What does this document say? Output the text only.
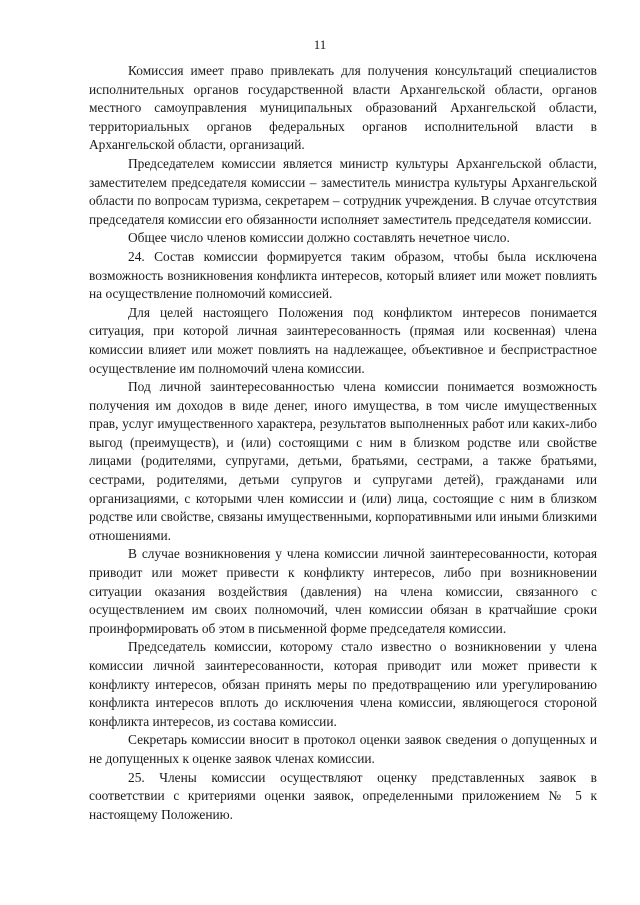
11

Комиссия имеет право привлекать для получения консультаций специалистов исполнительных органов государственной власти Архангельской области, органов местного самоуправления муниципальных образований Архангельской области, территориальных органов федеральных органов исполнительной власти в Архангельской области, организаций.

Председателем комиссии является министр культуры Архангельской области, заместителем председателя комиссии – заместитель министра культуры Архангельской области по вопросам туризма, секретарем – сотрудник учреждения. В случае отсутствия председателя комиссии его обязанности исполняет заместитель председателя комиссии.

Общее число членов комиссии должно составлять нечетное число.

24. Состав комиссии формируется таким образом, чтобы была исключена возможность возникновения конфликта интересов, который влияет или может повлиять на осуществление полномочий комиссией.

Для целей настоящего Положения под конфликтом интересов понимается ситуация, при которой личная заинтересованность (прямая или косвенная) члена комиссии влияет или может повлиять на надлежащее, объективное и беспристрастное осуществление им полномочий члена комиссии.

Под личной заинтересованностью члена комиссии понимается возможность получения им доходов в виде денег, иного имущества, в том числе имущественных прав, услуг имущественного характера, результатов выполненных работ или каких-либо выгод (преимуществ), и (или) состоящими с ним в близком родстве или свойстве лицами (родителями, супругами, детьми, братьями, сестрами, а также братьями, сестрами, родителями, детьми супругов и супругами детей), гражданами или организациями, с которыми член комиссии и (или) лица, состоящие с ним в близком родстве или свойстве, связаны имущественными, корпоративными или иными близкими отношениями.

В случае возникновения у члена комиссии личной заинтересованности, которая приводит или может привести к конфликту интересов, либо при возникновении ситуации оказания воздействия (давления) на члена комиссии, связанного с осуществлением им своих полномочий, член комиссии обязан в кратчайшие сроки проинформировать об этом в письменной форме председателя комиссии.

Председатель комиссии, которому стало известно о возникновении у члена комиссии личной заинтересованности, которая приводит или может привести к конфликту интересов, обязан принять меры по предотвращению или урегулированию конфликта интересов вплоть до исключения члена комиссии, являющегося стороной конфликта интересов, из состава комиссии.

Секретарь комиссии вносит в протокол оценки заявок сведения о допущенных и не допущенных к оценке заявок членах комиссии.

25. Члены комиссии осуществляют оценку представленных заявок в соответствии с критериями оценки заявок, определенными приложением № 5 к настоящему Положению.
